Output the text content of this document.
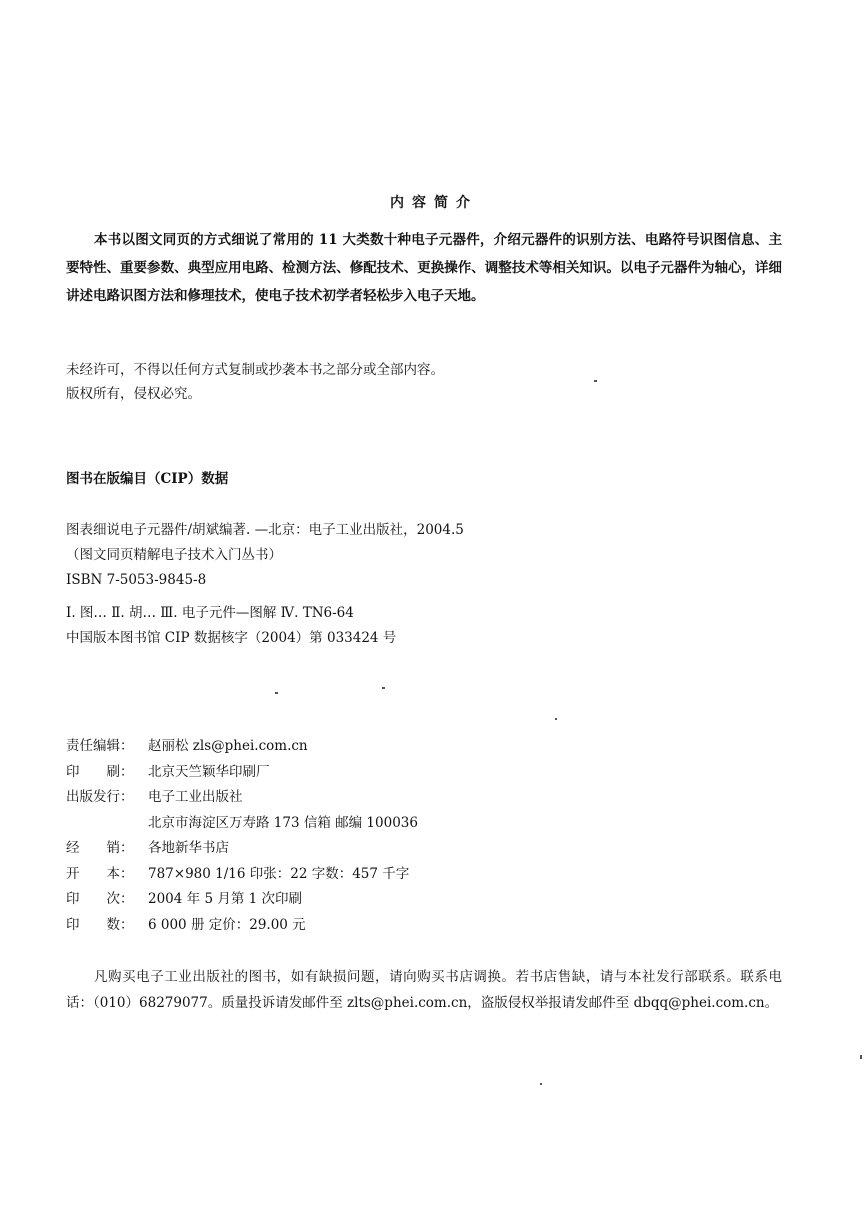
内容简介
本书以图文同页的方式细说了常用的 11 大类数十种电子元器件，介绍元器件的识别方法、电路符号识图信息、主要特性、重要参数、典型应用电路、检测方法、修配技术、更换操作、调整技术等相关知识。以电子元器件为轴心，详细讲述电路识图方法和修理技术，使电子技术初学者轻松步入电子天地。
未经许可，不得以任何方式复制或抄袭本书之部分或全部内容。
版权所有，侵权必究。
图书在版编目（CIP）数据
图表细说电子元器件/胡斌编著. —北京：电子工业出版社，2004.5
（图文同页精解电子技术入门丛书）
ISBN 7-5053-9845-8
Ⅰ. 图… Ⅱ. 胡… Ⅲ. 电子元件—图解 Ⅳ. TN6-64
中国版本图书馆 CIP 数据核字（2004）第 033424 号
责任编辑：	赵丽松 zls@phei.com.cn
印　　刷：	北京天竺颖华印刷厂
出版发行：	电子工业出版社
北京市海淀区万寿路 173 信箱 邮编 100036
经　　销：	各地新华书店
开　　本：	787×980 1/16 印张：22 字数：457 千字
印　　次：	2004 年 5 月第 1 次印刷
印　　数：	6 000 册 定价：29.00 元
凡购买电子工业出版社的图书，如有缺损问题，请向购买书店调换。若书店售缺，请与本社发行部联系。联系电话：（010）68279077。质量投诉请发邮件至 zlts@phei.com.cn，盗版侵权举报请发邮件至 dbqq@phei.com.cn。
